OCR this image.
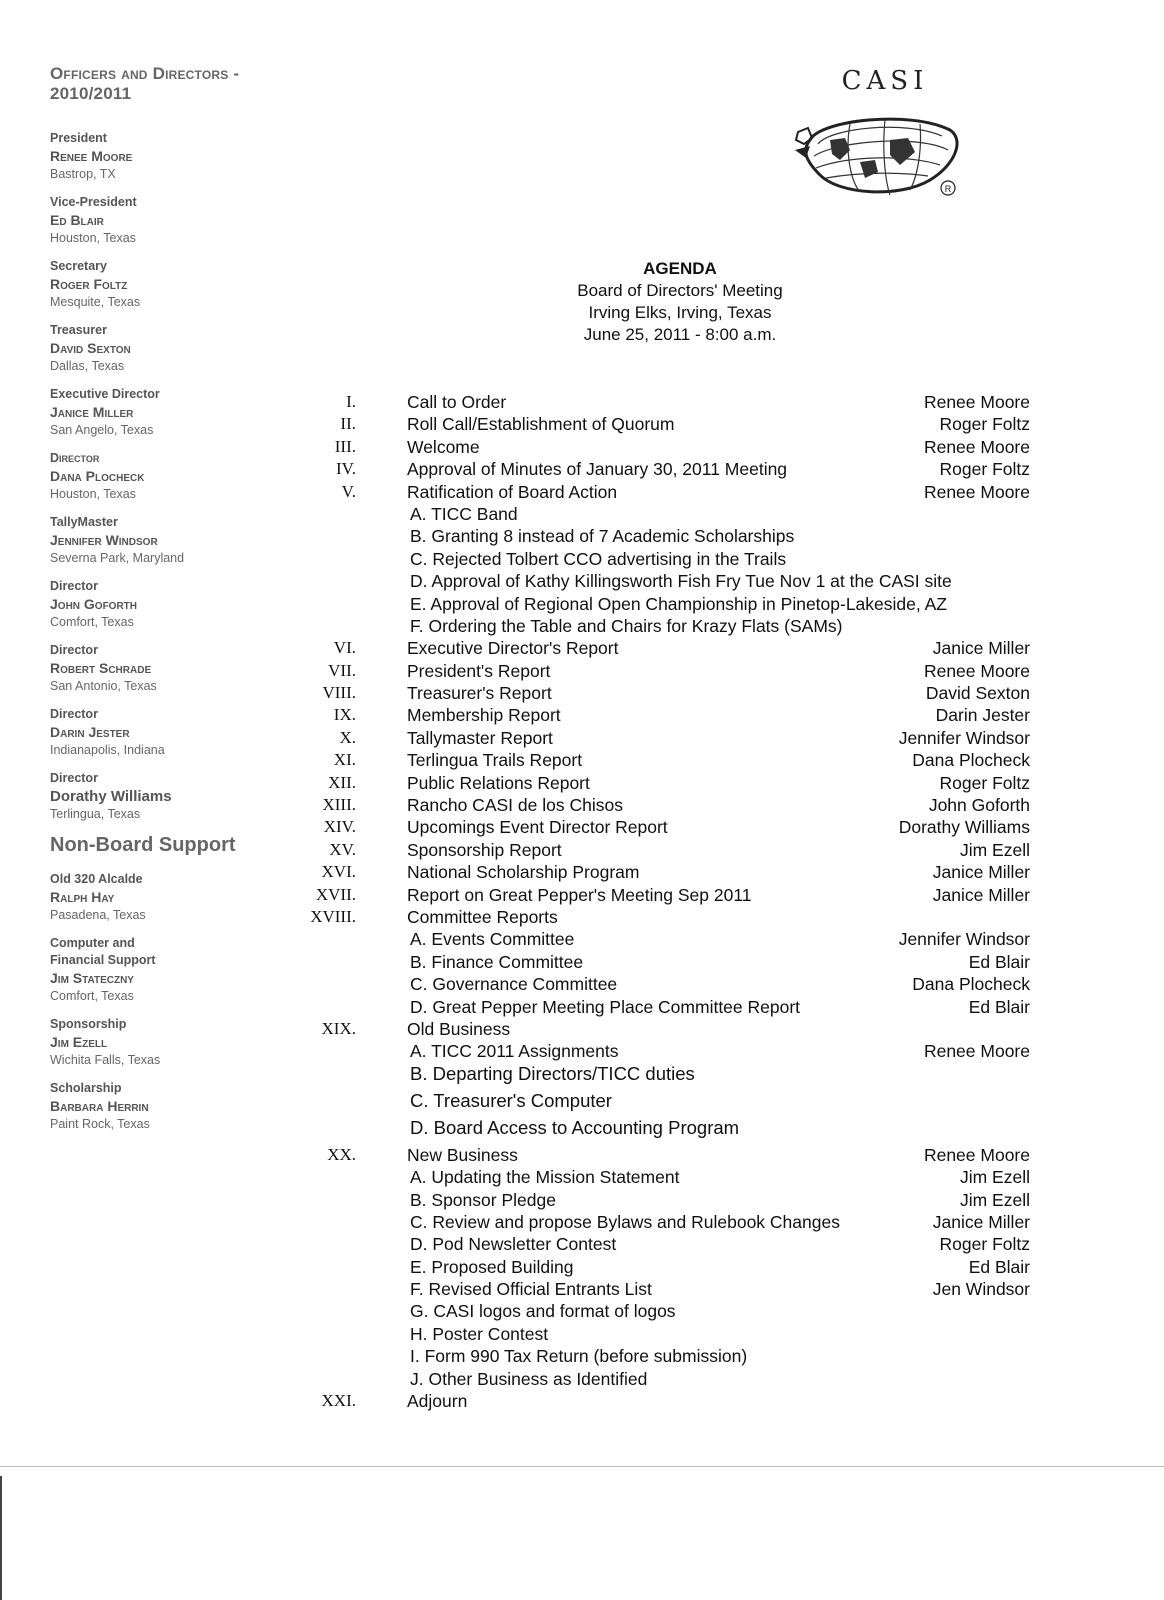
Officers and Directors - 2010/2011
President
Renee Moore
Bastrop, TX
Vice-President
Ed Blair
Houston, Texas
Secretary
Roger Foltz
Mesquite, Texas
Treasurer
David Sexton
Dallas, Texas
Executive Director
Janice Miller
San Angelo, Texas
Director
Dana Plocheck
Houston, Texas
TallyMaster
Jennifer Windsor
Severna Park, Maryland
Director
John Goforth
Comfort, Texas
Director
Robert Schrade
San Antonio, Texas
Director
Darin Jester
Indianapolis, Indiana
Director
Dorathy Williams
Terlingua, Texas
Non-Board Support
Old 320 Alcalde
Ralph Hay
Pasadena, Texas
Computer and
Financial Support
Jim Stateczny
Comfort, Texas
Sponsorship
Jim Ezell
Wichita Falls, Texas
Scholarship
Barbara Herrin
Paint Rock, Texas
CASI
R
AGENDA
Board of Directors' Meeting
Irving Elks, Irving, Texas
June 25, 2011 - 8:00 a.m.
I.	Call to Order	Renee Moore
II.	Roll Call/Establishment of Quorum	Roger Foltz
III.	Welcome	Renee Moore
IV.	Approval of Minutes of January 30, 2011 Meeting	Roger Foltz
V.	Ratification of Board Action	Renee Moore
A. TICC Band
B. Granting 8 instead of 7 Academic Scholarships
C. Rejected Tolbert CCO advertising in the Trails
D. Approval of Kathy Killingsworth Fish Fry Tue Nov 1 at the CASI site
E. Approval of Regional Open Championship in Pinetop-Lakeside, AZ
F. Ordering the Table and Chairs for Krazy Flats (SAMs)
VI.	Executive Director's Report	Janice Miller
VII.	President's Report	Renee Moore
VIII.	Treasurer's Report	David Sexton
IX.	Membership Report	Darin Jester
X.	Tallymaster Report	Jennifer Windsor
XI.	Terlingua Trails Report	Dana Plocheck
XII.	Public Relations Report	Roger Foltz
XIII.	Rancho CASI de los Chisos	John Goforth
XIV.	Upcomings Event Director Report	Dorathy Williams
XV.	Sponsorship Report	Jim Ezell
XVI.	National Scholarship Program	Janice Miller
XVII.	Report on Great Pepper's Meeting Sep 2011	Janice Miller
XVIII.	Committee Reports
A. Events Committee	Jennifer Windsor
B. Finance Committee	Ed Blair
C. Governance Committee	Dana Plocheck
D. Great Pepper Meeting Place Committee Report	Ed Blair
XIX.	Old Business
A. TICC 2011 Assignments	Renee Moore
B. Departing Directors/TICC duties
C. Treasurer's Computer
D. Board Access to Accounting Program
XX.	New Business	Renee Moore
A. Updating the Mission Statement	Jim Ezell
B. Sponsor Pledge	Jim Ezell
C. Review and propose Bylaws and Rulebook Changes	Janice Miller
D. Pod Newsletter Contest	Roger Foltz
E. Proposed Building	Ed Blair
F. Revised Official Entrants List	Jen Windsor
G. CASI logos and format of logos
H. Poster Contest
I. Form 990 Tax Return (before submission)
J. Other Business as Identified
XXI.	Adjourn
